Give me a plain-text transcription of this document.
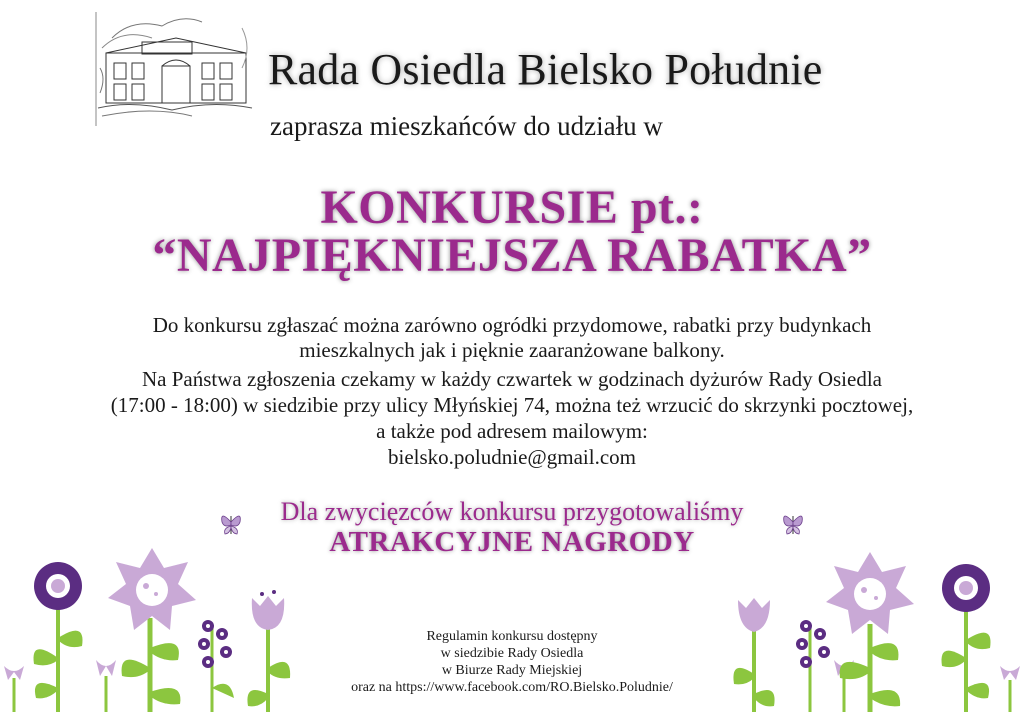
Rada Osiedla Bielsko Południe
zaprasza mieszkańców do udziału w
KONKURSIE pt.:
“NAJPIĘKNIEJSZA RABATKA”
Do konkursu zgłaszać można zarówno ogródki przydomowe, rabatki przy budynkach
mieszkalnych jak i pięknie zaaranżowane balkony.
Na Państwa zgłoszenia czekamy w każdy czwartek w godzinach dyżurów Rady Osiedla
(17:00 - 18:00) w siedzibie przy ulicy Młyńskiej 74, można też wrzucić do skrzynki pocztowej,
a także pod adresem mailowym:
bielsko.poludnie@gmail.com
Dla zwycięzców konkursu przygotowaliśmy
ATRAKCYJNE NAGRODY
Regulamin konkursu dostępny
w siedzibie Rady Osiedla
w Biurze Rady Miejskiej
oraz na https://www.facebook.com/RO.Bielsko.Poludnie/
